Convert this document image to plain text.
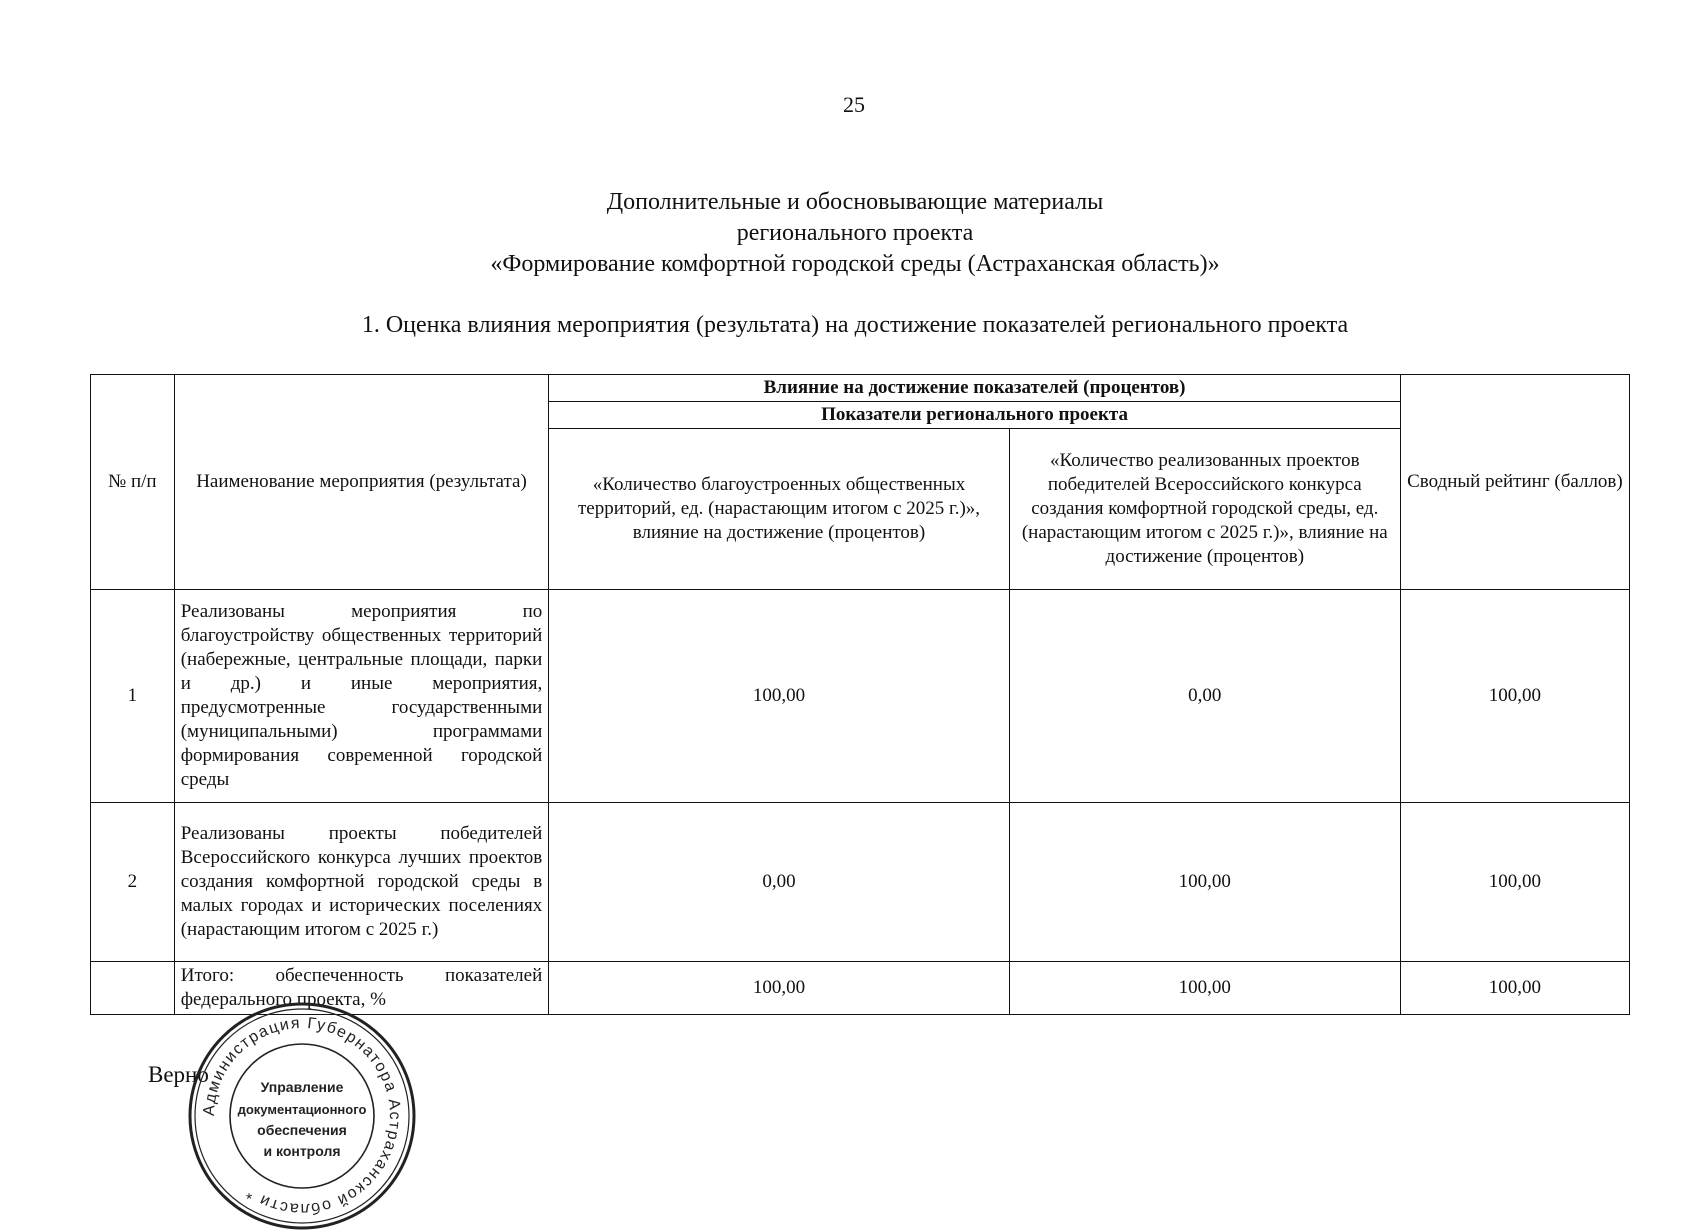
25
Дополнительные и обосновывающие материалы
регионального проекта
«Формирование комфортной городской среды (Астраханская область)»
1. Оценка влияния мероприятия (результата) на достижение показателей регионального проекта
№ п/п	Наименование мероприятия (результата)	Влияние на достижение показателей (процентов)		Сводный рейтинг (баллов)
		Показатели регионального проекта		
		«Количество благоустроенных общественных территорий, ед. (нарастающим итогом с 2025 г.)», влияние на достижение (процентов)	«Количество реализованных проектов победителей Всероссийского конкурса создания комфортной городской среды, ед. (нарастающим итогом с 2025 г.)», влияние на достижение (процентов)	
1	Реализованы мероприятия по благоустройству общественных территорий (набережные, центральные площади, парки и др.) и иные мероприятия, предусмотренные государственными (муниципальными) программами формирования современной городской среды	100,00	0,00	100,00
2	Реализованы проекты победителей Всероссийского конкурса лучших проектов создания комфортной городской среды в малых городах и исторических поселениях (нарастающим итогом с 2025 г.)	0,00	100,00	100,00
	Итого: обеспеченность показателей федерального проекта, %	100,00	100,00	100,00
Верно
Администрация Губернатора Астраханской области *
Управление
документационного
обеспечения
и контроля
